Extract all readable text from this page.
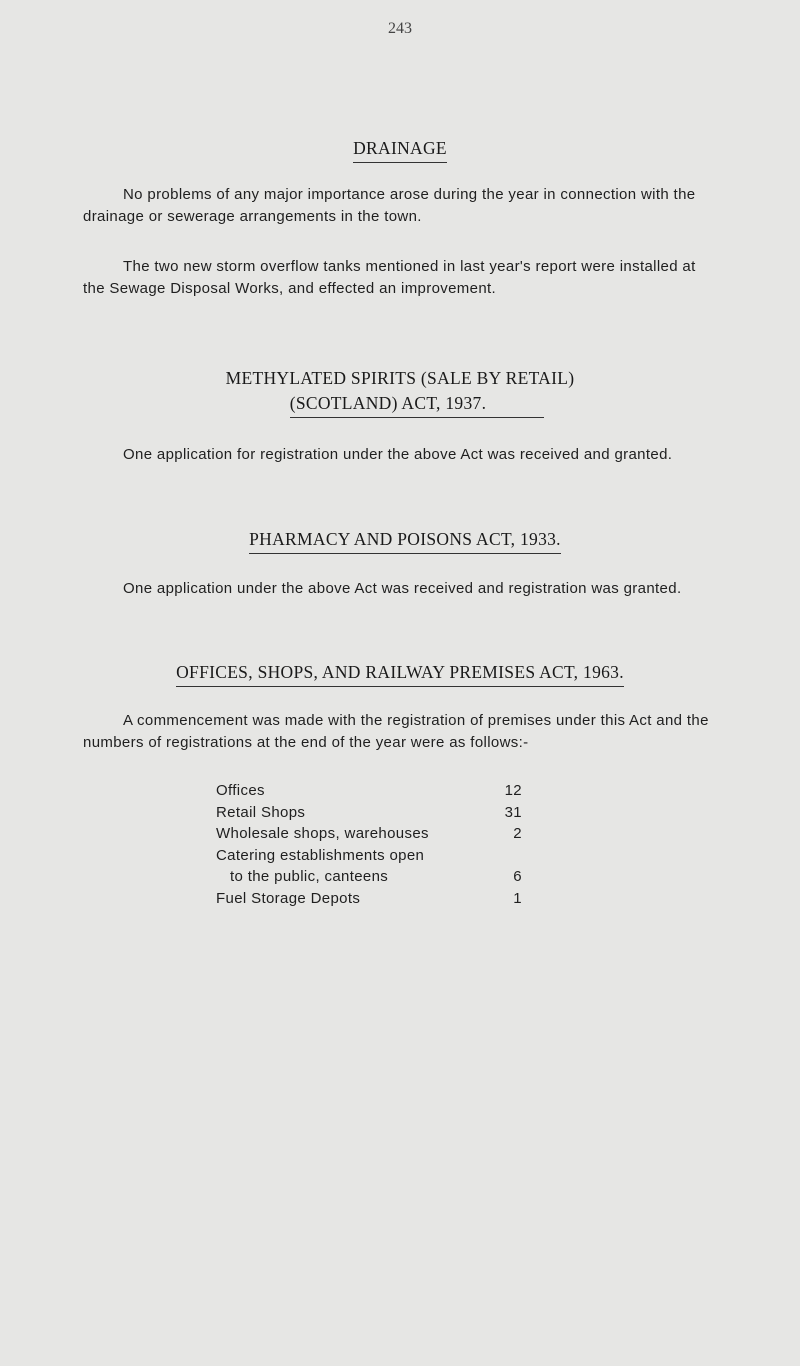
243
DRAINAGE

No problems of any major importance arose during the year in connection with the drainage or sewerage arrangements in the town.

The two new storm overflow tanks mentioned in last year's report were installed at the Sewage Disposal Works, and effected an improvement.

METHYLATED SPIRITS (SALE BY RETAIL)
(SCOTLAND) ACT, 1937.

One application for registration under the above Act was received and granted.

PHARMACY AND POISONS ACT, 1933.

One application under the above Act was received and registration was granted.

OFFICES, SHOPS, AND RAILWAY PREMISES ACT, 1963.

A commencement was made with the registration of premises under this Act and the numbers of registrations at the end of the year were as follows:-

Offices	12
Retail Shops	31
Wholesale shops, warehouses	2

Catering establishments open
to the public, canteens	6
Fuel Storage Depots	1
